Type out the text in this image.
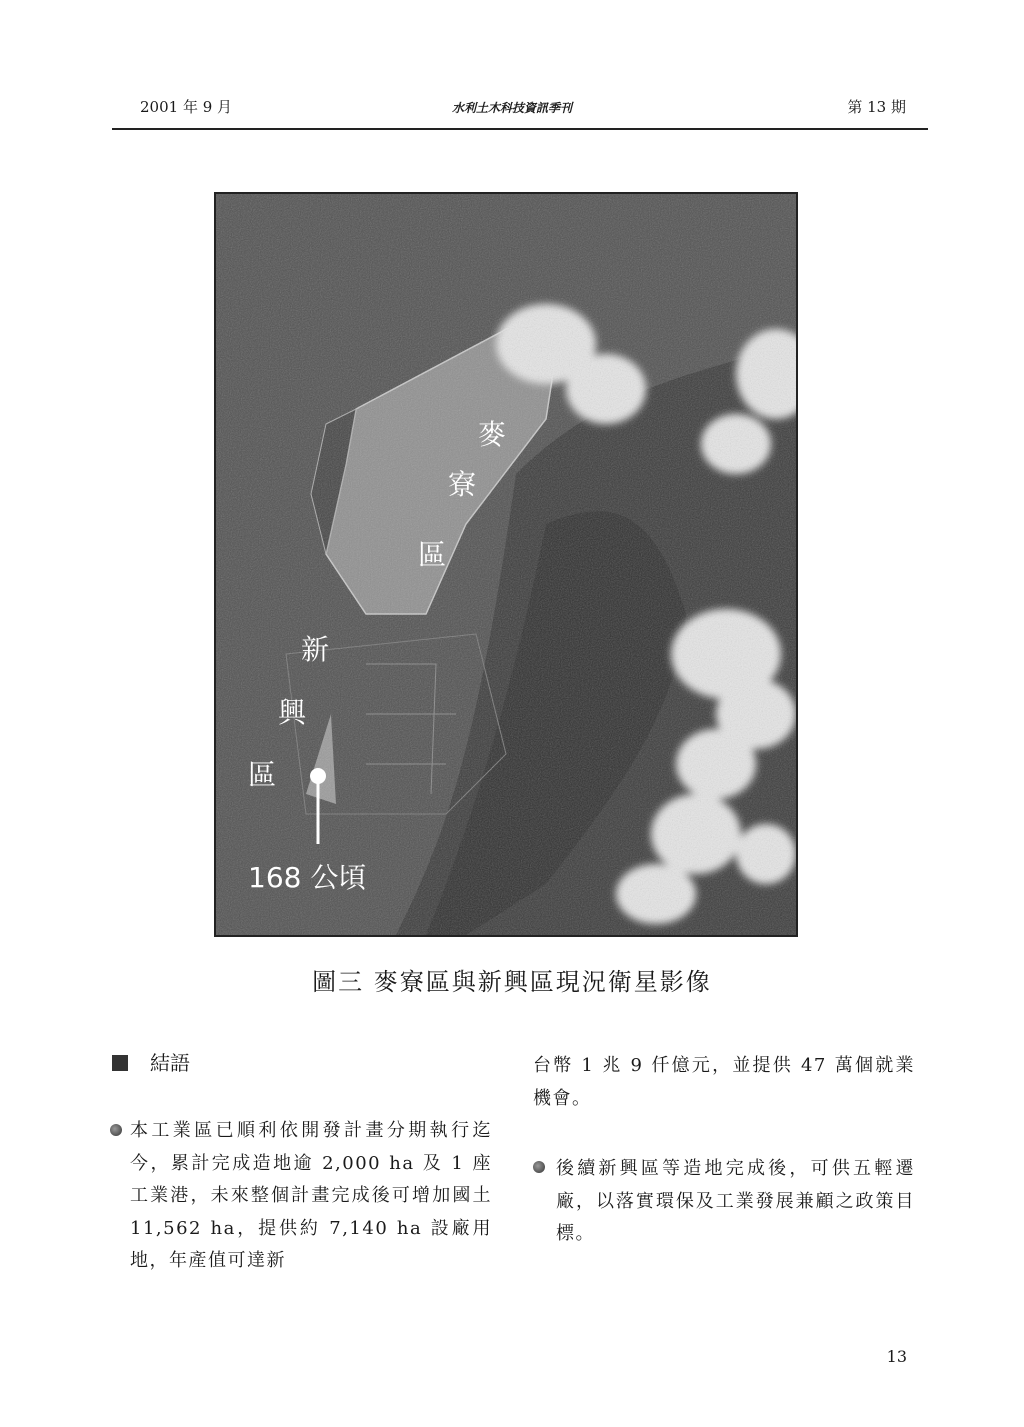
2001 年 9 月	水利土木科技資訊季刊	第 13 期
麥
寮
區
新
興
區
168 公頃
圖三 麥寮區與新興區現況衛星影像
結語
本工業區已順利依開發計畫分期執行迄今，累計完成造地逾 2,000 ha 及 1 座工業港，未來整個計畫完成後可增加國土 11,562 ha，提供約 7,140 ha 設廠用地，年產值可達新
台幣 1 兆 9 仟億元，並提供 47 萬個就業機會。
後續新興區等造地完成後，可供五輕遷廠，以落實環保及工業發展兼顧之政策目標。
13
